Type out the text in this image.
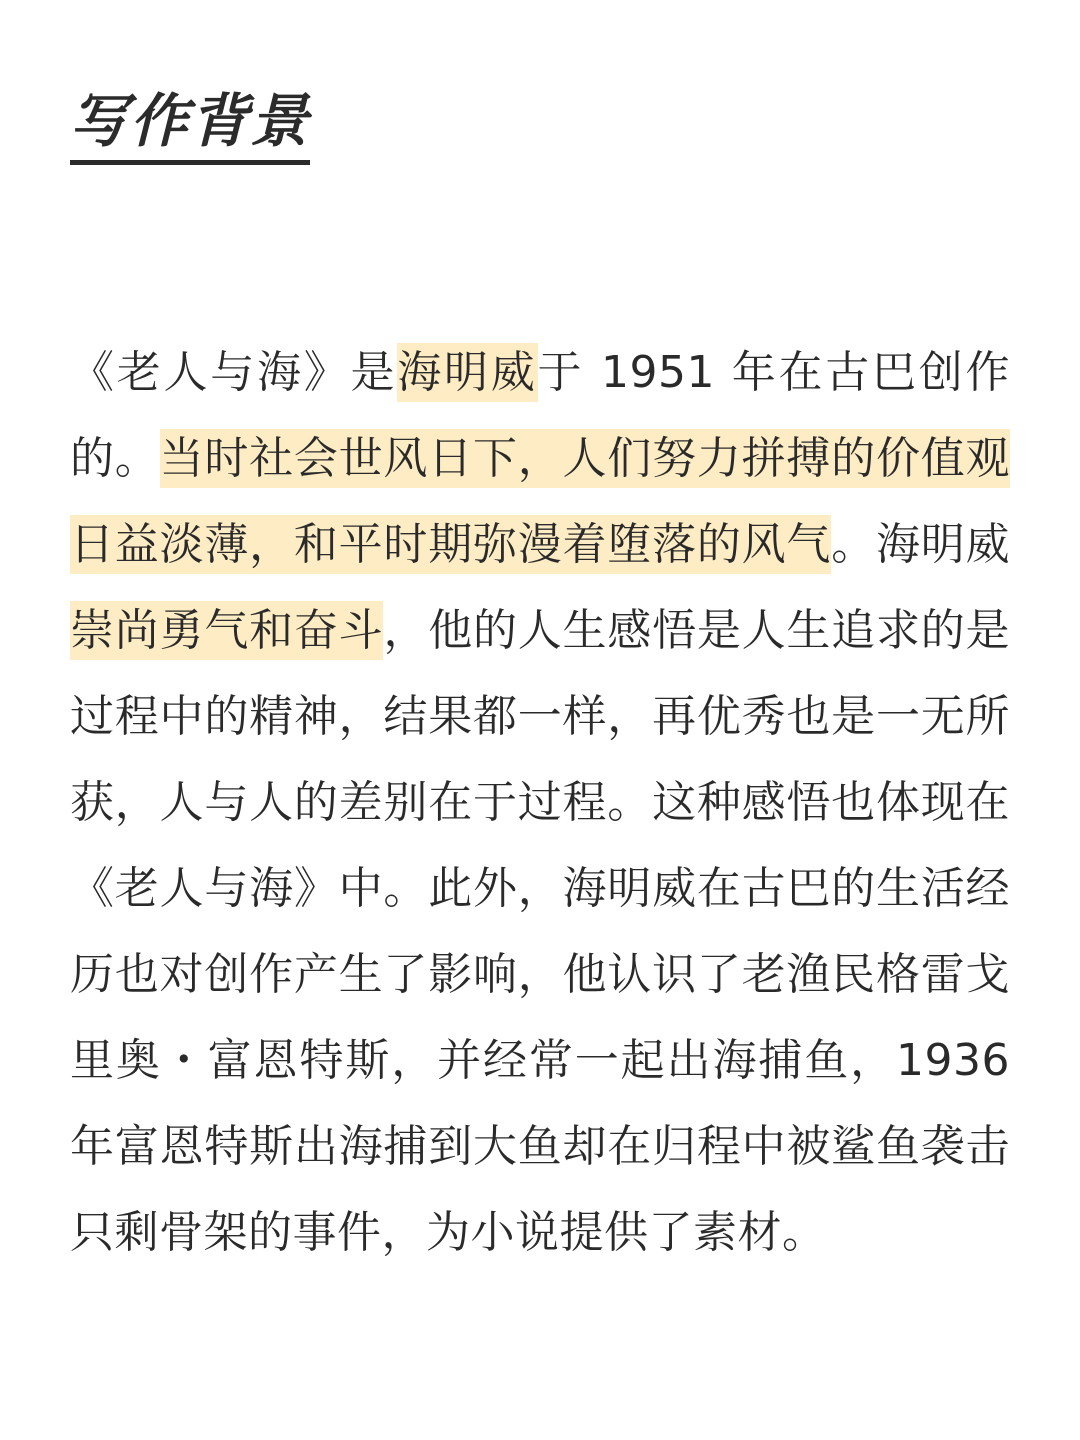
写作背景
《老人与海》是海明威于 1951 年在古巴创作的。当时社会世风日下，人们努力拼搏的价值观日益淡薄，和平时期弥漫着堕落的风气。海明威崇尚勇气和奋斗，他的人生感悟是人生追求的是过程中的精神，结果都一样，再优秀也是一无所获，人与人的差别在于过程。这种感悟也体现在《老人与海》中。此外，海明威在古巴的生活经历也对创作产生了影响，他认识了老渔民格雷戈里奥・富恩特斯，并经常一起出海捕鱼，1936 年富恩特斯出海捕到大鱼却在归程中被鲨鱼袭击只剩骨架的事件，为小说提供了素材。
